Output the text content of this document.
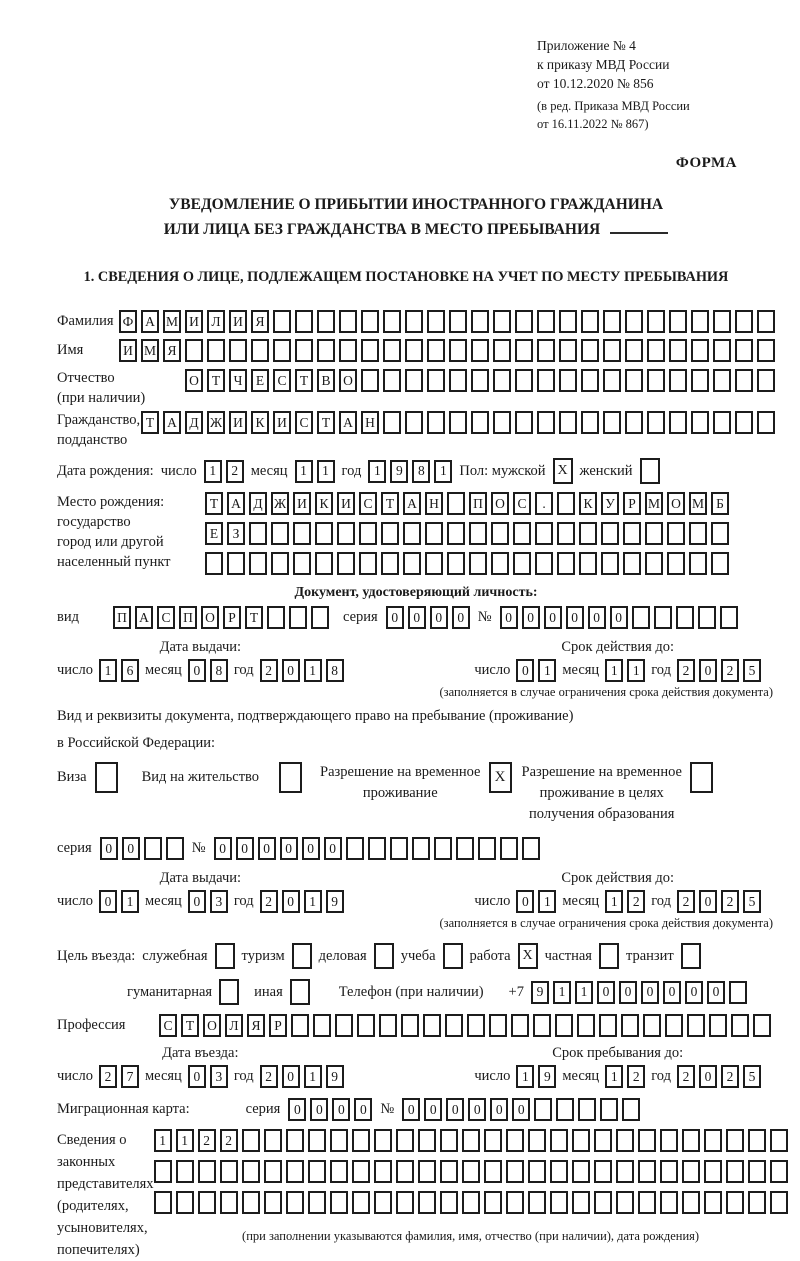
Приложение № 4
к приказу МВД России
от 10.12.2020 № 856
(в ред. Приказа МВД России
от 16.11.2022 № 867)
ФОРМА
УВЕДОМЛЕНИЕ О ПРИБЫТИИ ИНОСТРАННОГО ГРАЖДАНИНА
ИЛИ ЛИЦА БЕЗ ГРАЖДАНСТВА В МЕСТО ПРЕБЫВАНИЯ
1. СВЕДЕНИЯ О ЛИЦЕ, ПОДЛЕЖАЩЕМ ПОСТАНОВКЕ НА УЧЕТ ПО МЕСТУ ПРЕБЫВАНИЯ
Фамилия Ф А М И Л И Я
Имя	И М Я
Отчество
(при наличии)
О Т Ч Е С Т В О
Гражданство,
подданство
Т А Д Ж И К И С Т А Н
Дата рождения: число 1	2 месяц 1	1 год 1	9	8	1 Пол: мужской X женский
Место рождения:
государство
город или другой
населенный пункт
Т А Д Ж И К И С Т А Н	П О С	.	К У Р М О М Б
Е	З
Документ, удостоверяющий личность:
вид	П А С П О Р	Т	серия	0	0	0	0 №	0	0	0	0	0	0
Дата выдачи:
число 1	6 месяц 0	8 год 2	0	1	8
Срок действия до:
число 0	1 месяц 1	1 год 2	0	2	5
(заполняется в случае ограничения срока действия документа)
Вид и реквизиты документа, подтверждающего право на пребывание (проживание)
в Российской Федерации:
Виза	Вид на жительство	Разрешение на временное
проживание
X	Разрешение на временное
проживание в целях
получения образования
серия	0	0	№	0	0	0	0	0	0
Дата выдачи:
число 0	1 месяц 0	3 год 2	0	1	9
Срок действия до:
число 0	1 месяц 1	2 год 2	0	2	5
(заполняется в случае ограничения срока действия документа)
Цель въезда: служебная туризм деловая учеба работа X частная транзит
гуманитарная	иная	Телефон (при наличии) +7 9	1	1	0	0	0	0	0	0
Профессия	С Т О Л Я	Р
Дата въезда:
число 2	7 месяц 0	3 год 2	0	1	9
Срок пребывания до:
число 1	9 месяц 1	2 год 2	0	2	5
Миграционная карта:	серия	0	0	0	0 №	0	0	0	0	0	0
Сведения о
законных
представителях
(родителях,
усыновителях,
попечителях)
1	1	2	2
(при заполнении указываются фамилия, имя, отчество (при наличии), дата рождения)
